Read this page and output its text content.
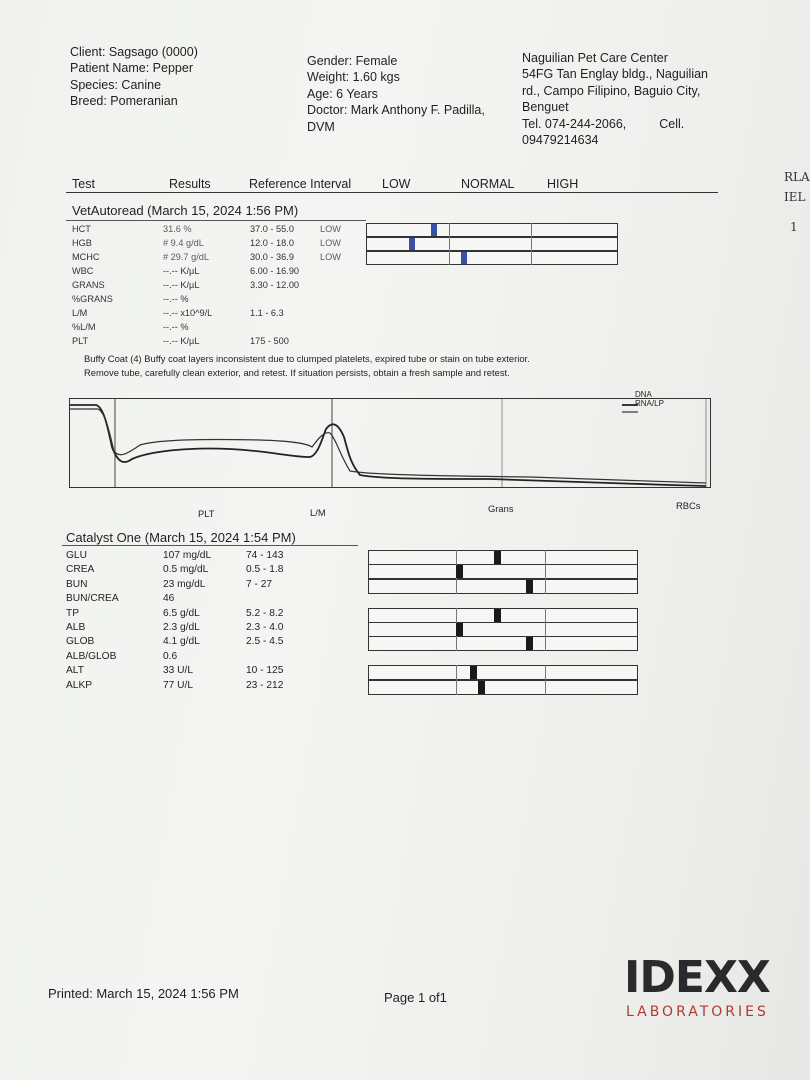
Client: Sagsago (0000)
Patient Name: Pepper
Species: Canine
Breed: Pomeranian
Gender: Female
Weight: 1.60 kgs
Age: 6 Years
Doctor: Mark Anthony F. Padilla,
DVM
Naguilian Pet Care Center
54FG Tan Englay bldg., Naguilian
rd., Campo Filipino, Baguio City,
Benguet
Tel. 074-244-2066,	Cell.
09479214634
Test	Results	Reference Interval LOW	NORMAL	HIGH
VetAutoread (March 15, 2024 1:56 PM)
HCT	31.6 %	37.0 - 55.0	LOW
HGB	# 9.4 g/dL	12.0 - 18.0	LOW
MCHC	# 29.7 g/dL	30.0 - 36.9	LOW
WBC	--.-- K/µL	6.00 - 16.90
GRANS	--.-- K/µL	3.30 - 12.00
%GRANS	--.-- %
L/M	--.-- x10^9/L	1.1 - 6.3
%L/M	--.-- %
PLT	--.-- K/µL	175 - 500
Buffy Coat (4) Buffy coat layers inconsistent due to clumped platelets, expired tube or stain on tube exterior.
Remove tube, carefully clean exterior, and retest. If situation persists, obtain a fresh sample and retest.
DNA
RNA/LP
PLT	L/M	Grans	RBCs
Catalyst One (March 15, 2024 1:54 PM)
GLU	107 mg/dL	74 - 143
CREA	0.5 mg/dL	0.5 - 1.8
BUN	23 mg/dL	7 - 27
BUN/CREA	46
TP	6.5 g/dL	5.2 - 8.2
ALB	2.3 g/dL	2.3 - 4.0
GLOB	4.1 g/dL	2.5 - 4.5
ALB/GLOB	0.6
ALT	33 U/L	10 - 125
ALKP	77 U/L	23 - 212
RLA
IEL
1
Printed: March 15, 2024 1:56 PM	Page 1 of1	IDEXX
LABORATORIES
